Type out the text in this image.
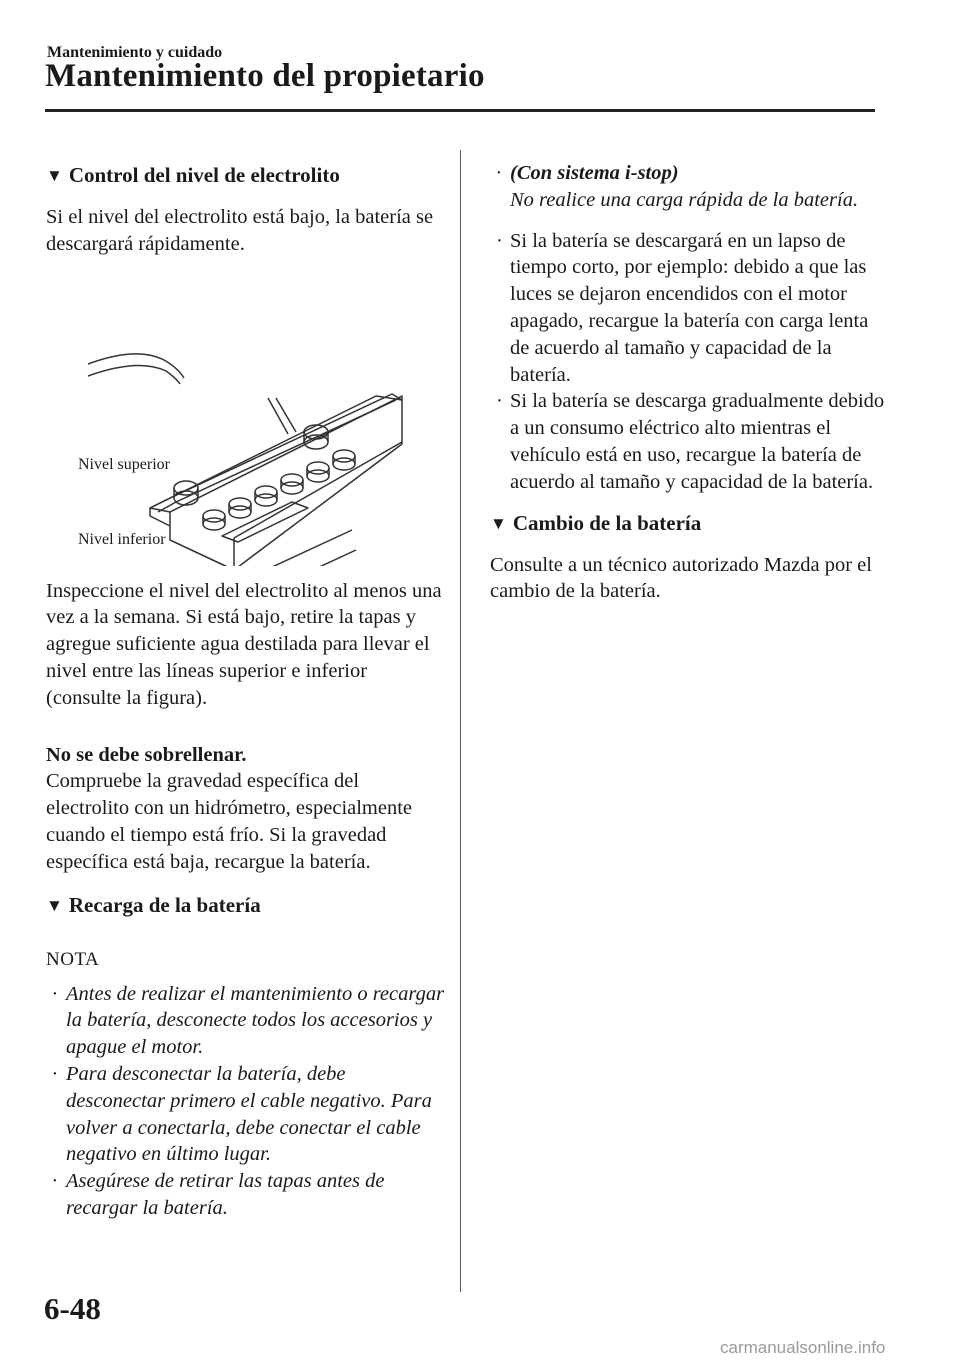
Mantenimiento y cuidado
Mantenimiento del propietario
▼ Control del nivel de electrolito

Si el nivel del electrolito está bajo, la batería se descargará rápidamente.

Inspeccione el nivel del electrolito al menos una vez a la semana. Si está bajo, retire la tapas y agregue suficiente agua destilada para llevar el nivel entre las líneas superior e inferior (consulte la figura).

No se debe sobrellenar.

Compruebe la gravedad específica del electrolito con un hidrómetro, especialmente cuando el tiempo está frío. Si la gravedad específica está baja, recargue la batería.

▼ Recarga de la batería
NOTA
· Antes de realizar el mantenimiento o recargar la batería, desconecte todos los accesorios y apague el motor.
· Para desconectar la batería, debe desconectar primero el cable negativo. Para volver a conectarla, debe conectar el cable negativo en último lugar.
· Asegúrese de retirar las tapas antes de recargar la batería.
· (Con sistema i-stop)
No realice una carga rápida de la batería.
· Si la batería se descargará en un lapso de tiempo corto, por ejemplo: debido a que las luces se dejaron encendidos con el motor apagado, recargue la batería con carga lenta de acuerdo al tamaño y capacidad de la batería.
· Si la batería se descarga gradualmente debido a un consumo eléctrico alto mientras el vehículo está en uso, recargue la batería de acuerdo al tamaño y capacidad de la batería.
▼ Cambio de la batería

Consulte a un técnico autorizado Mazda por el cambio de la batería.

Nivel superior
Nivel inferior
6-48
carmanualsonline.info
